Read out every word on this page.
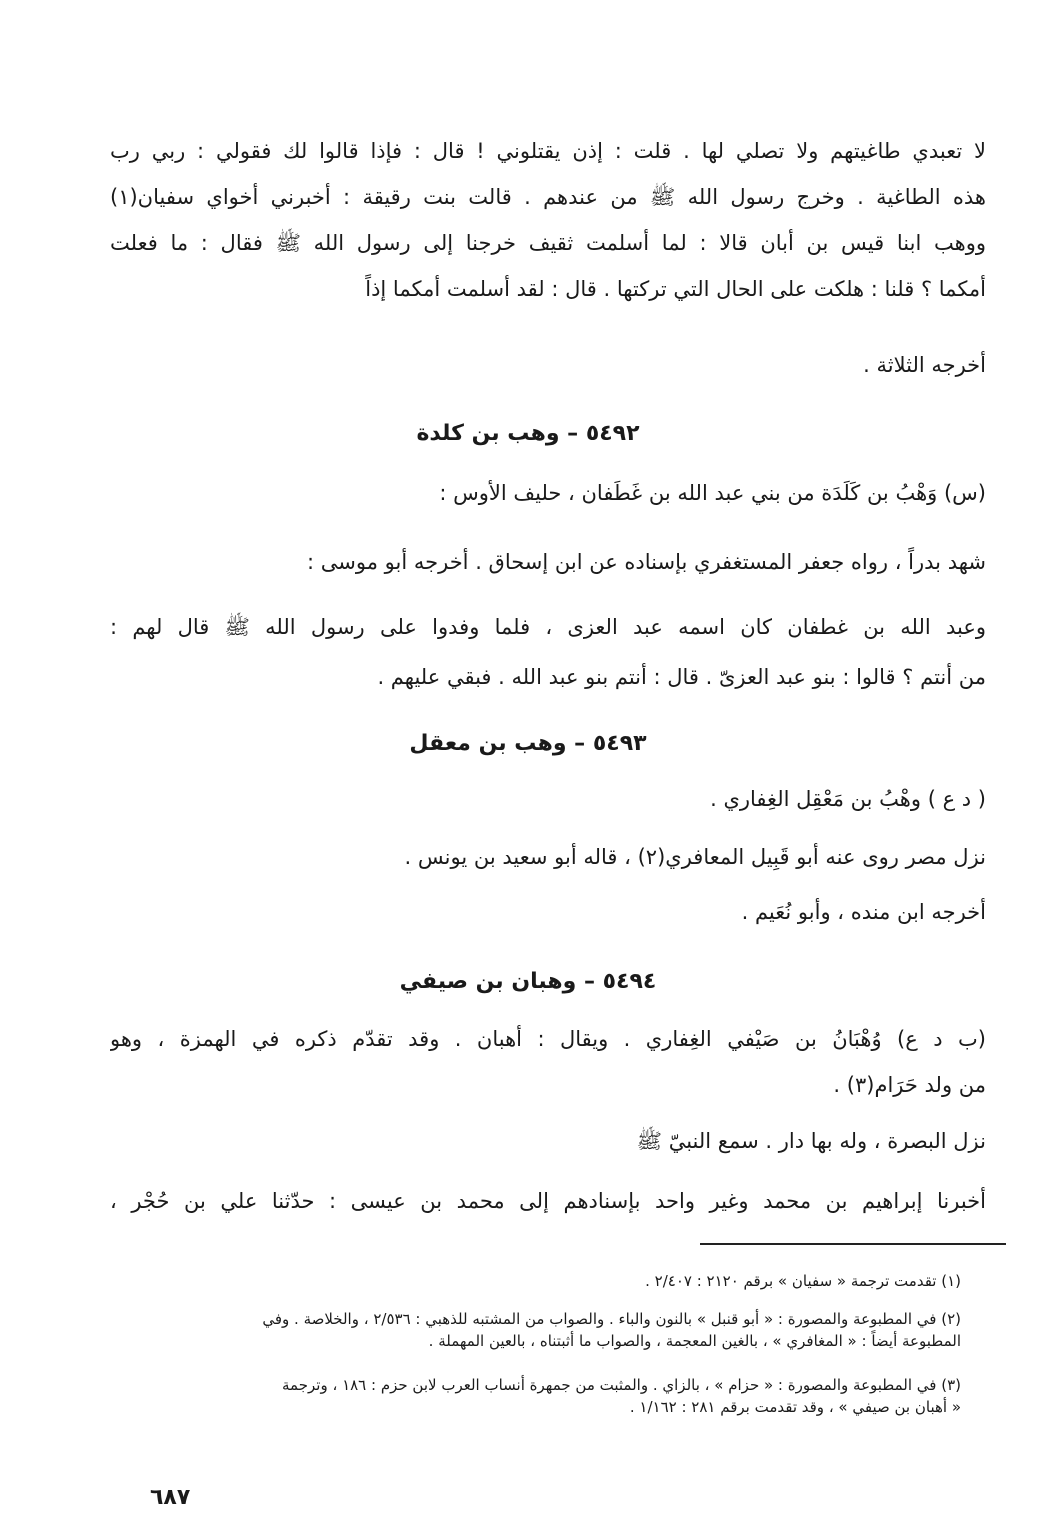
لا تعبدي طاغيتهم ولا تصلي لها . قلت : إذن يقتلوني ! قال : فإذا قالوا لك فقولي : ربي رب
هذه الطاغية . وخرج رسول الله ﷺ من عندهم . قالت بنت رقيقة : أخبرني أخواي سفيان(١)
ووهب ابنا قيس بن أبان قالا : لما أسلمت ثقيف خرجنا إلى رسول الله ﷺ فقال : ما فعلت
أمكما ؟ قلنا : هلكت على الحال التي تركتها . قال : لقد أسلمت أمكما إذاً
أخرجه الثلاثة .
٥٤٩٢ – وهب بن كلدة
(س) وَهْبُ بن كَلَدَة من بني عبد الله بن غَطَفان ، حليف الأوس :
شهد بدراً ، رواه جعفر المستغفري بإسناده عن ابن إسحاق . أخرجه أبو موسى :
وعبد الله بن غطفان كان اسمه عبد العزى ، فلما وفدوا على رسول الله ﷺ قال لهم :
من أنتم ؟ قالوا : بنو عبد العزىّ . قال : أنتم بنو عبد الله . فبقي عليهم .
٥٤٩٣ – وهب بن معقل
( د ع ) وهْبُ بن مَعْقِل الغِفاري .
نزل مصر روى عنه أبو قَبِيل المعافري(٢) ، قاله أبو سعيد بن يونس .
أخرجه ابن منده ، وأبو نُعَيم .
٥٤٩٤ – وهبان بن صيفي
(ب د ع) وُهْبَانُ بن صَيْفي الغِفاري . ويقال : أهبان . وقد تقدّم ذكره في الهمزة ، وهو
من ولد حَرَام(٣) .
نزل البصرة ، وله بها دار . سمع النبيّ ﷺ
أخبرنا إبراهيم بن محمد وغير واحد بإسنادهم إلى محمد بن عيسى : حدّثنا علي بن حُجْر ،
(١) تقدمت ترجمة « سفيان » برقم ٢١٢٠ : ٢/٤٠٧ .
(٢) في المطبوعة والمصورة : « أبو قنبل » بالنون والباء . والصواب من المشتبه للذهبي : ٢/٥٣٦ ، والخلاصة . وفي
المطبوعة أيضاً : « المغافري » ، بالغين المعجمة ، والصواب ما أثبتناه ، بالعين المهملة .
(٣) في المطبوعة والمصورة : « حزام » ، بالزاي . والمثبت من جمهرة أنساب العرب لابن حزم : ١٨٦ ، وترجمة
« أهبان بن صيفي » ، وقد تقدمت برقم ٢٨١ : ١/١٦٢ .
٦٨٧
